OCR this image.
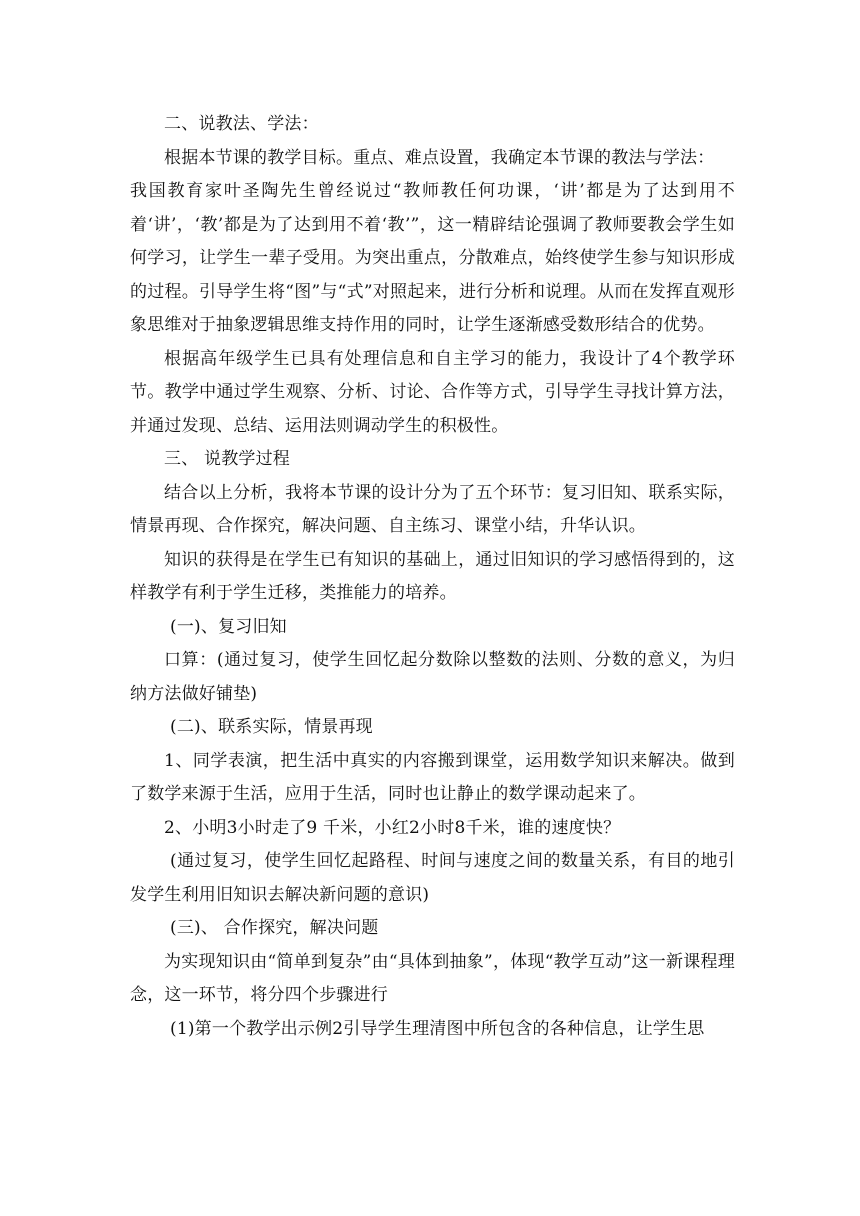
二、说教法、学法：

根据本节课的教学目标。重点、难点设置，我确定本节课的教法与学法：

我国教育家叶圣陶先生曾经说过“教师教任何功课，‘讲’都是为了达到用不着‘讲’，‘教’都是为了达到用不着‘教’”，这一精辟结论强调了教师要教会学生如何学习，让学生一辈子受用。为突出重点，分散难点，始终使学生参与知识形成的过程。引导学生将“图”与“式”对照起来，进行分析和说理。从而在发挥直观形象思维对于抽象逻辑思维支持作用的同时，让学生逐渐感受数形结合的优势。

根据高年级学生已具有处理信息和自主学习的能力，我设计了4个教学环节。教学中通过学生观察、分析、讨论、合作等方式，引导学生寻找计算方法，并通过发现、总结、运用法则调动学生的积极性。

三、 说教学过程

结合以上分析，我将本节课的设计分为了五个环节：复习旧知、联系实际，情景再现、合作探究，解决问题、自主练习、课堂小结，升华认识。

知识的获得是在学生已有知识的基础上，通过旧知识的学习感悟得到的，这样教学有利于学生迁移，类推能力的培养。

(一)、复习旧知

口算：(通过复习，使学生回忆起分数除以整数的法则、分数的意义，为归纳方法做好铺垫)

(二)、联系实际，情景再现

1、同学表演，把生活中真实的内容搬到课堂，运用数学知识来解决。做到了数学来源于生活，应用于生活，同时也让静止的数学课动起来了。

2、小明3小时走了9 千米，小红2小时8千米，谁的速度快？

(通过复习，使学生回忆起路程、时间与速度之间的数量关系，有目的地引发学生利用旧知识去解决新问题的意识)

(三)、 合作探究，解决问题

为实现知识由“简单到复杂”由“具体到抽象”，体现“教学互动”这一新课程理念，这一环节，将分四个步骤进行

(1)第一个教学出示例2引导学生理清图中所包含的各种信息，让学生思
